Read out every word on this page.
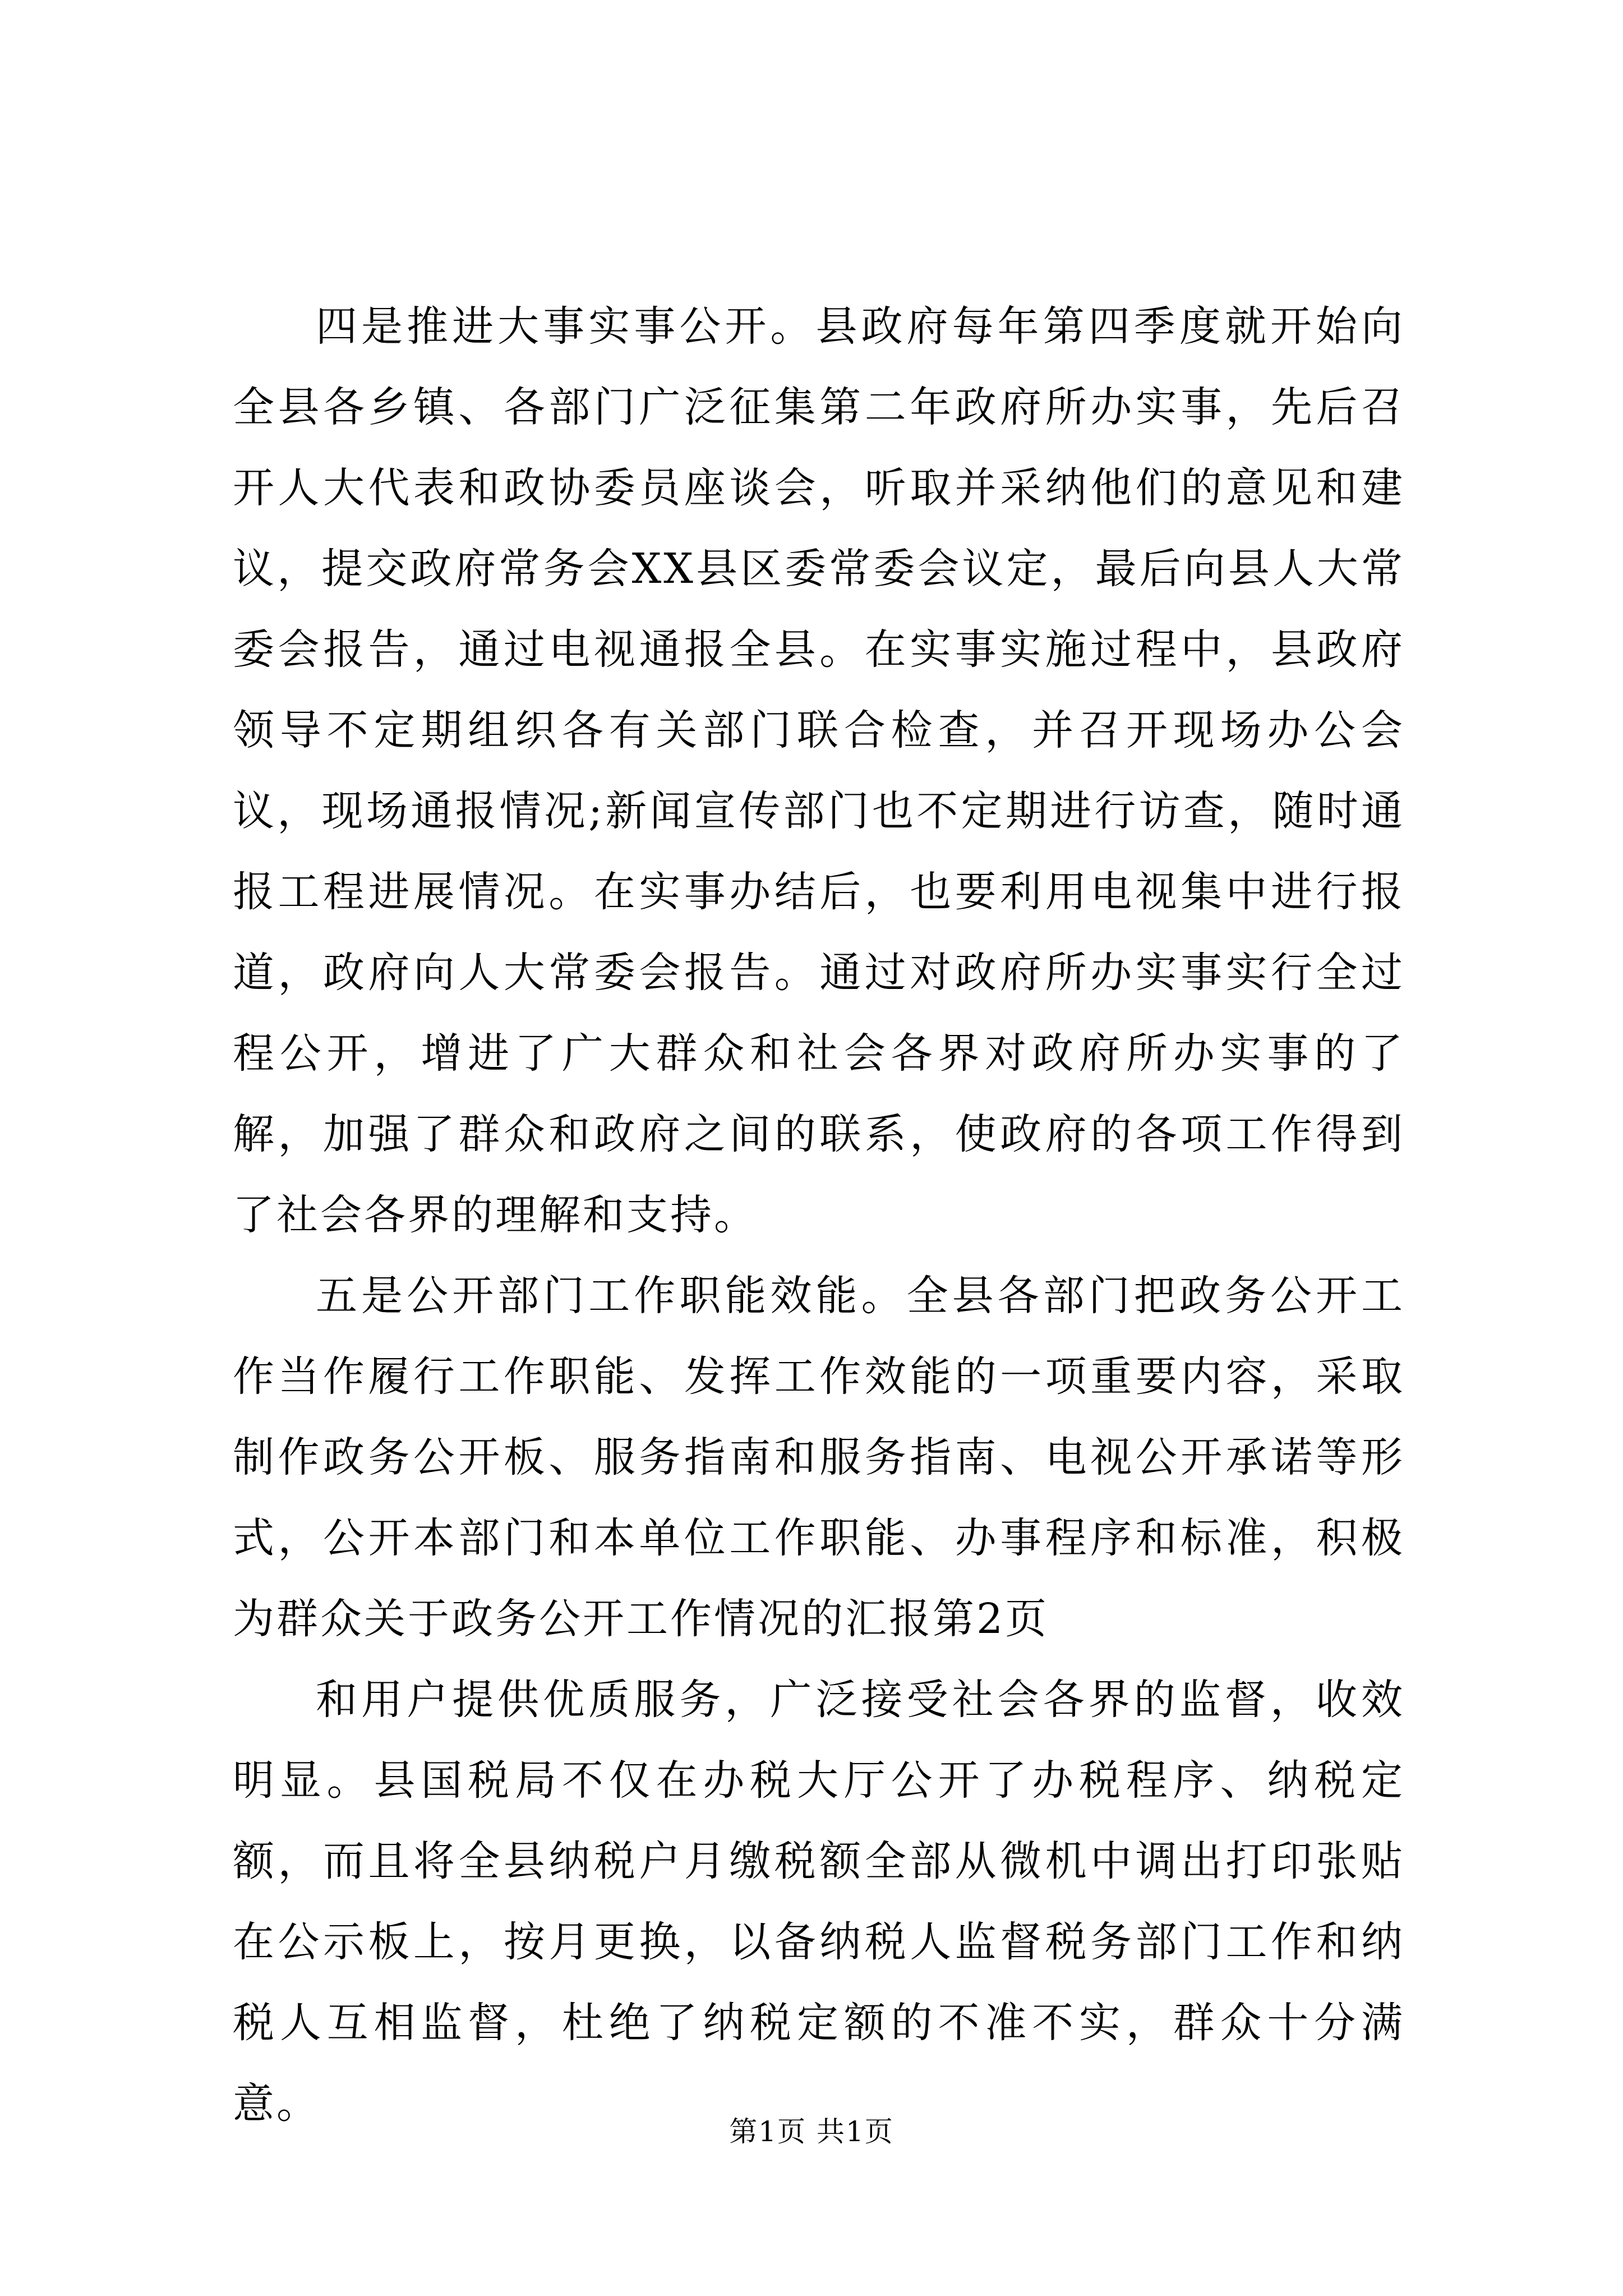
四是推进大事实事公开。县政府每年第四季度就开始向全县各乡镇、各部门广泛征集第二年政府所办实事，先后召开人大代表和政协委员座谈会，听取并采纳他们的意见和建议，提交政府常务会XX县区委常委会议定，最后向县人大常委会报告，通过电视通报全县。在实事实施过程中，县政府领导不定期组织各有关部门联合检查，并召开现场办公会议，现场通报情况;新闻宣传部门也不定期进行访查，随时通报工程进展情况。在实事办结后，也要利用电视集中进行报道，政府向人大常委会报告。通过对政府所办实事实行全过程公开，增进了广大群众和社会各界对政府所办实事的了解，加强了群众和政府之间的联系，使政府的各项工作得到了社会各界的理解和支持。

五是公开部门工作职能效能。全县各部门把政务公开工作当作履行工作职能、发挥工作效能的一项重要内容，采取制作政务公开板、服务指南和服务指南、电视公开承诺等形式，公开本部门和本单位工作职能、办事程序和标准，积极为群众关于政务公开工作情况的汇报第2页

和用户提供优质服务，广泛接受社会各界的监督，收效明显。县国税局不仅在办税大厅公开了办税程序、纳税定额，而且将全县纳税户月缴税额全部从微机中调出打印张贴在公示板上，按月更换，以备纳税人监督税务部门工作和纳税人互相监督，杜绝了纳税定额的不准不实，群众十分满意。

第1页 共1页
